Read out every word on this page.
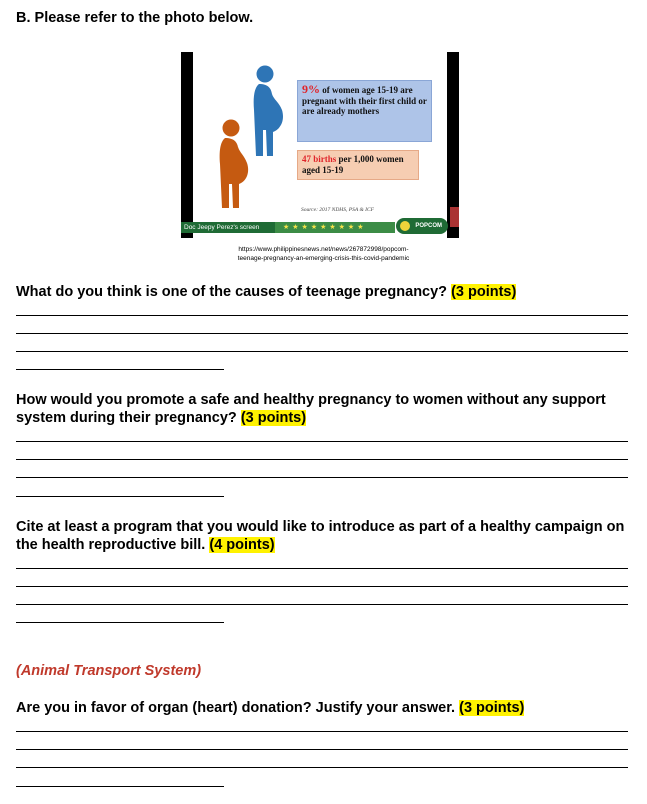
B. Please refer to the photo below.
9% of women age 15-19 are pregnant with their first child or are already mothers
47 births per 1,000 women aged 15-19
Source: 2017 NDHS, PSA & ICF
Doc Jeepy Perez's screen	★★★★★★★★★	POPCOM

https://www.philippinesnews.net/news/267872998/popcom-

teenage-pregnancy-an-emerging-crisis-this-covid-pandemic

What do you think is one of the causes of teenage pregnancy? (3 points)

How would you promote a safe and healthy pregnancy to women without any support system during their pregnancy? (3 points)

Cite at least a program that you would like to introduce as part of a healthy campaign on the health reproductive bill. (4 points)

(Animal Transport System)

Are you in favor of organ (heart) donation? Justify your answer. (3 points)
